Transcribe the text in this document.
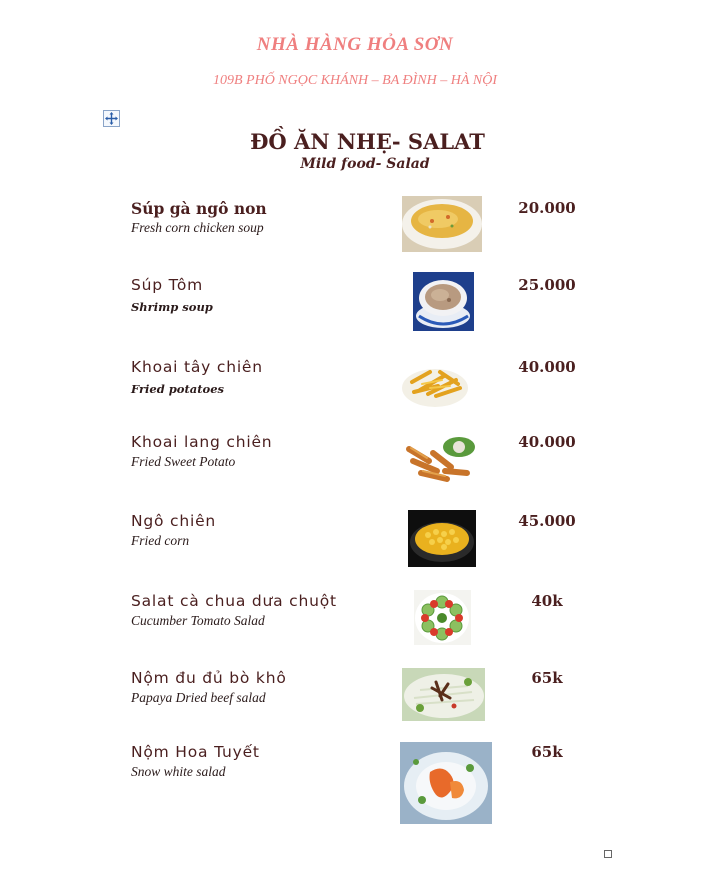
NHÀ HÀNG HỎA SƠN
109B PHỐ NGỌC KHÁNH – BA ĐÌNH – HÀ NỘI
ĐỒ ĂN NHẸ- SALAT
Mild food- Salad
Súp gà ngô non
Fresh corn chicken soup
20.000
Súp Tôm
Shrimp soup
25.000
Khoai tây chiên
Fried potatoes
40.000
Khoai lang chiên
Fried Sweet Potato
40.000
Ngô chiên
Fried corn
45.000
Salat cà chua dưa chuột
Cucumber Tomato Salad
40k
Nộm đu đủ bò khô
Papaya Dried beef salad
65k
Nộm Hoa Tuyết
Snow white salad
65k
